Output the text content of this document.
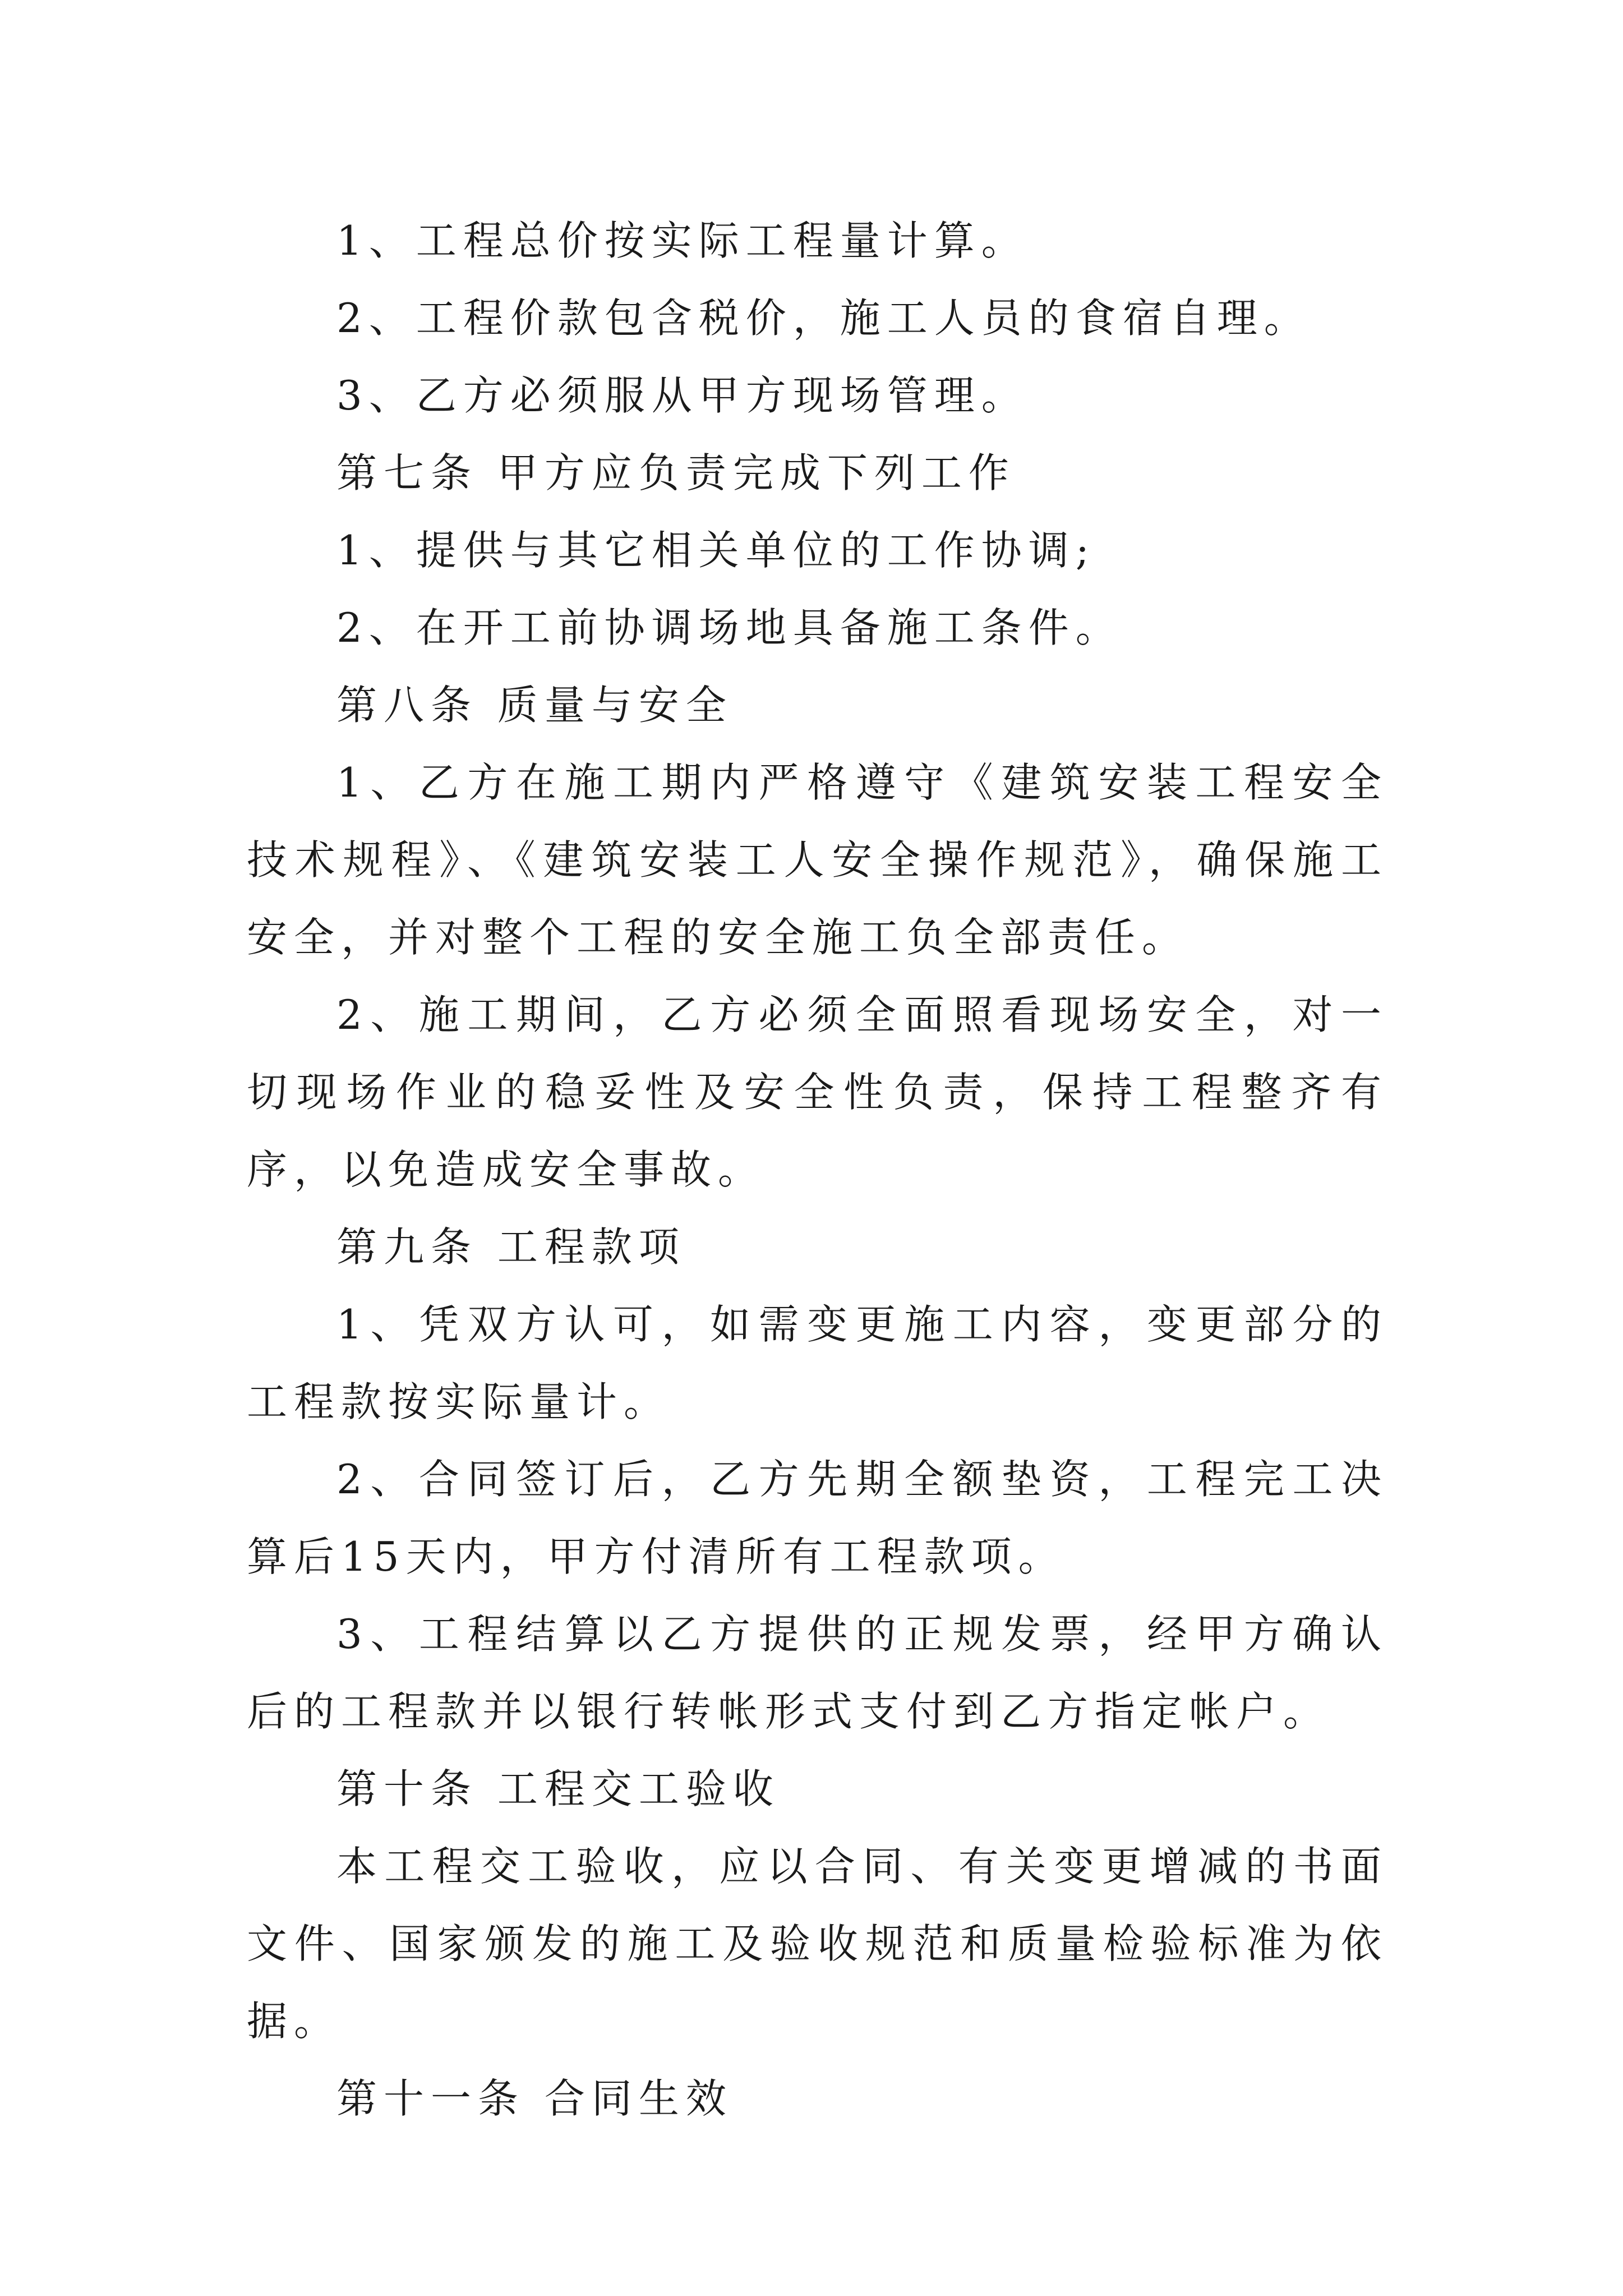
1、工程总价按实际工程量计算。

2、工程价款包含税价，施工人员的食宿自理。

3、乙方必须服从甲方现场管理。

第七条 甲方应负责完成下列工作

1、提供与其它相关单位的工作协调;

2、在开工前协调场地具备施工条件。

第八条 质量与安全

1、乙方在施工期内严格遵守《建筑安装工程安全技术规程》、《建筑安装工人安全操作规范》，确保施工安全，并对整个工程的安全施工负全部责任。

2、施工期间，乙方必须全面照看现场安全，对一切现场作业的稳妥性及安全性负责，保持工程整齐有序，以免造成安全事故。

第九条 工程款项

1、凭双方认可，如需变更施工内容，变更部分的工程款按实际量计。

2、合同签订后，乙方先期全额垫资，工程完工决算后15天内，甲方付清所有工程款项。

3、工程结算以乙方提供的正规发票，经甲方确认后的工程款并以银行转帐形式支付到乙方指定帐户。

第十条 工程交工验收

本工程交工验收，应以合同、有关变更增减的书面文件、国家颁发的施工及验收规范和质量检验标准为依据。

第十一条 合同生效
